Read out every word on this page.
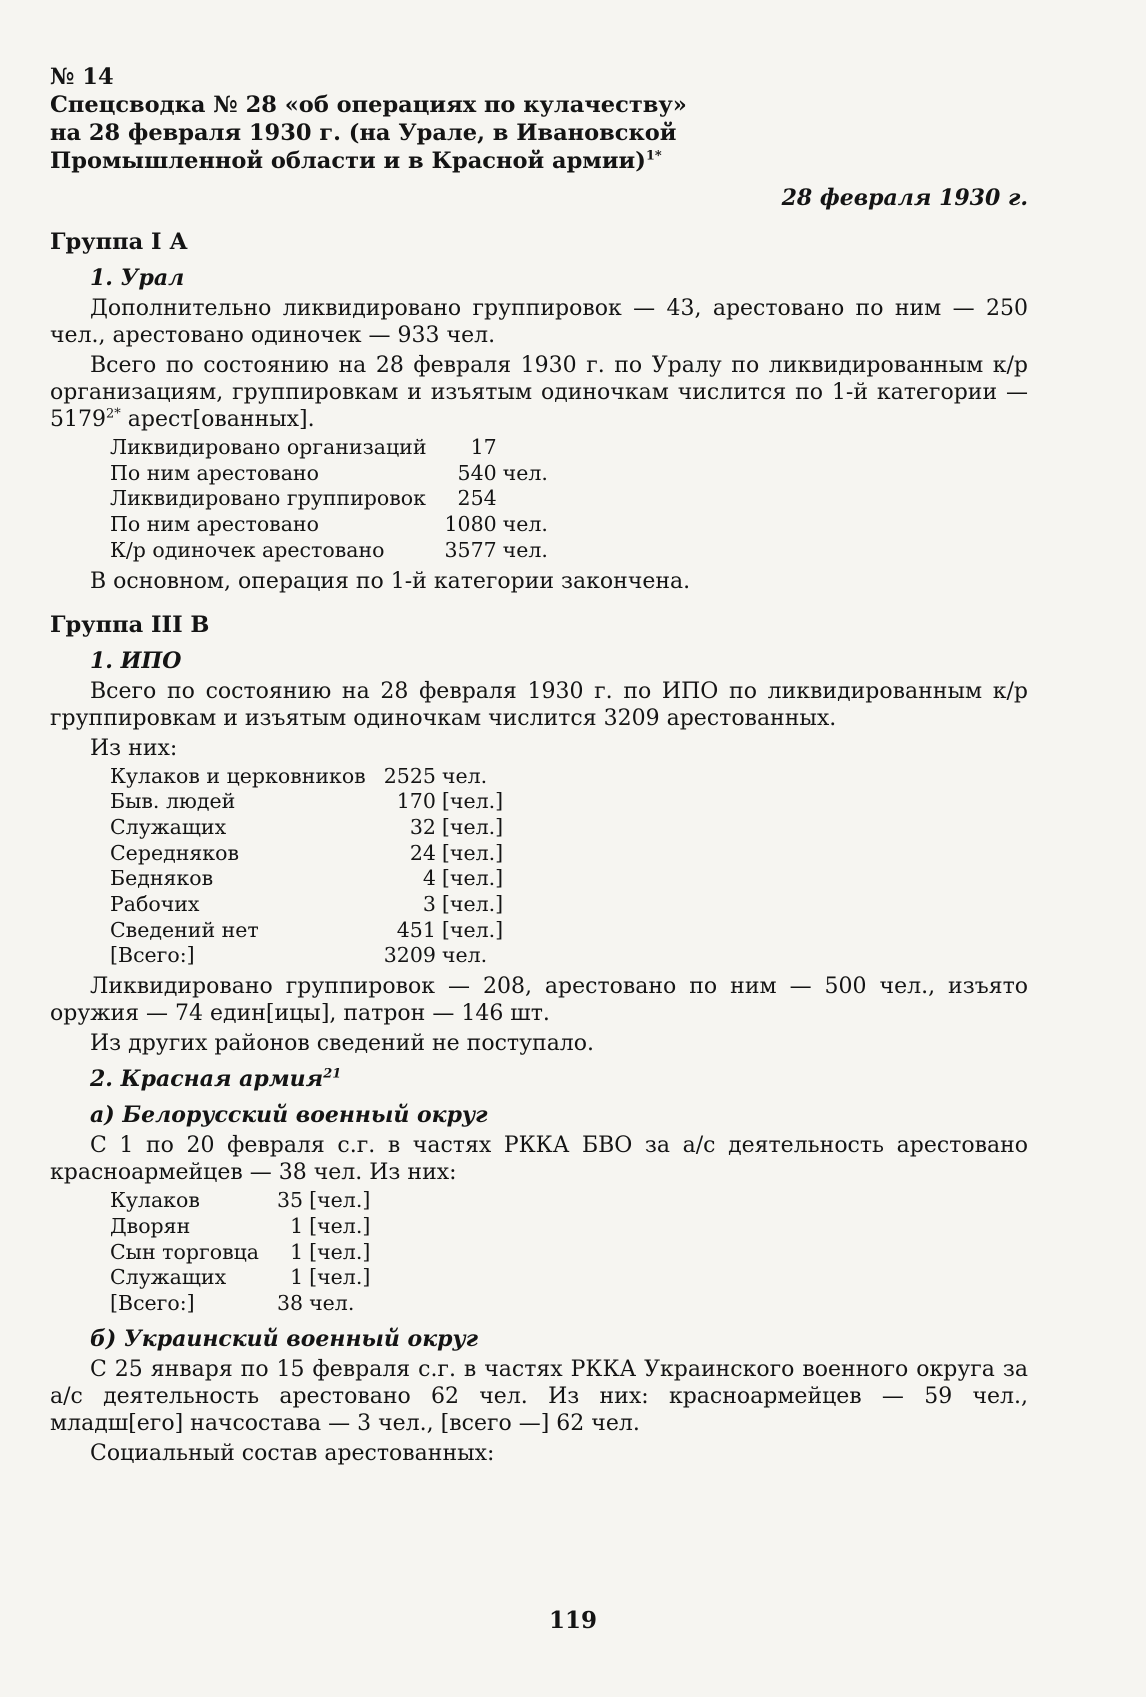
№ 14
Спецсводка № 28 «об операциях по кулачеству»
на 28 февраля 1930 г. (на Урале, в Ивановской
Промышленной области и в Красной армии)$^{1*}$
28 февраля 1930 г.
Группа I А
1. Урал
Дополнительно ликвидировано группировок — 43, арестовано по ним — 250 чел., арестовано одиночек — 933 чел.
Всего по состоянию на 28 февраля 1930 г. по Уралу по ликвидированным к/р организациям, группировкам и изъятым одиночкам числится по 1-й категории — $5179^{2*}$ арест[ованных].
Ликвидировано организаций	17	
По ним арестовано	540	чел.
Ликвидировано группировок	254	
По ним арестовано	1080	чел.
К/р одиночек арестовано	3577	чел.
В основном, операция по 1-й категории закончена.
Группа III В
1. ИПО
Всего по состоянию на 28 февраля 1930 г. по ИПО по ликвидированным к/р группировкам и изъятым одиночкам числится 3209 арестованных.
Из них:
Кулаков и церковников	2525	чел.
Быв. людей	170	[чел.]
Служащих	32	[чел.]
Середняков	24	[чел.]
Бедняков	4	[чел.]
Рабочих	3	[чел.]
Сведений нет	451	[чел.]
[Всего:]	3209	чел.
Ликвидировано группировок — 208, арестовано по ним — 500 чел., изъято оружия — 74 един[ицы], патрон — 146 шт.
Из других районов сведений не поступало.
2. Красная армия$^{21}$
а) Белорусский военный округ
С 1 по 20 февраля с.г. в частях РККА БВО за а/с деятельность арестовано красноармейцев — 38 чел. Из них:
Кулаков	35	[чел.]
Дворян	1	[чел.]
Сын торговца	1	[чел.]
Служащих	1	[чел.]
[Всего:]	38	чел.
б) Украинский военный округ
С 25 января по 15 февраля с.г. в частях РККА Украинского военного округа за а/с деятельность арестовано 62 чел. Из них: красноармейцев — 59 чел., младш[его] начсостава — 3 чел., [всего —] 62 чел.
Социальный состав арестованных:
119
